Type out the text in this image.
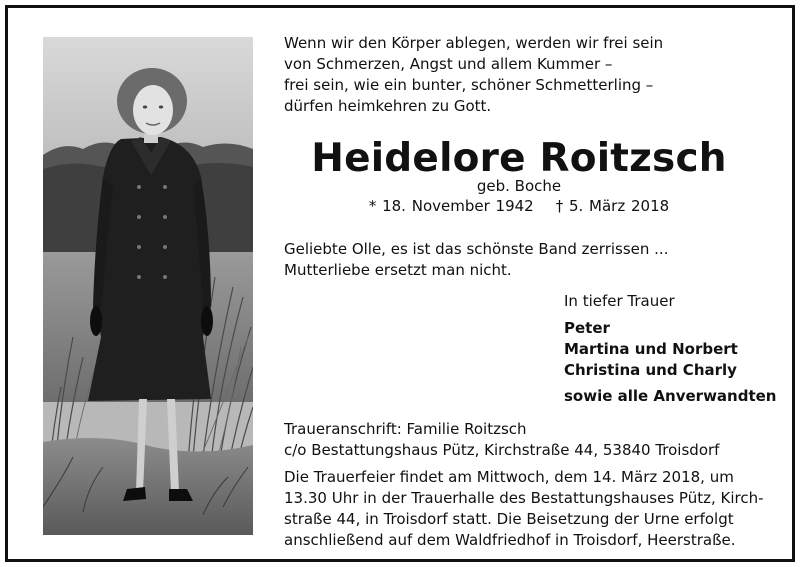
Wenn wir den Körper ablegen, werden wir frei sein
von Schmerzen, Angst und allem Kummer –
frei sein, wie ein bunter, schöner Schmetterling –
dürfen heimkehren zu Gott.
Heidelore Roitzsch
geb. Boche
* 18. November 1942 † 5. März 2018
Geliebte Olle, es ist das schönste Band zerrissen ...
Mutterliebe ersetzt man nicht.
In tiefer Trauer
Peter
Martina und Norbert
Christina und Charly
sowie alle Anverwandten
Traueranschrift: Familie Roitzsch
c/o Bestattungshaus Pütz, Kirchstraße 44, 53840 Troisdorf
Die Trauerfeier findet am Mittwoch, dem 14. März 2018, um
13.30 Uhr in der Trauerhalle des Bestattungshauses Pütz, Kirch-
straße 44, in Troisdorf statt. Die Beisetzung der Urne erfolgt
anschließend auf dem Waldfriedhof in Troisdorf, Heerstraße.
